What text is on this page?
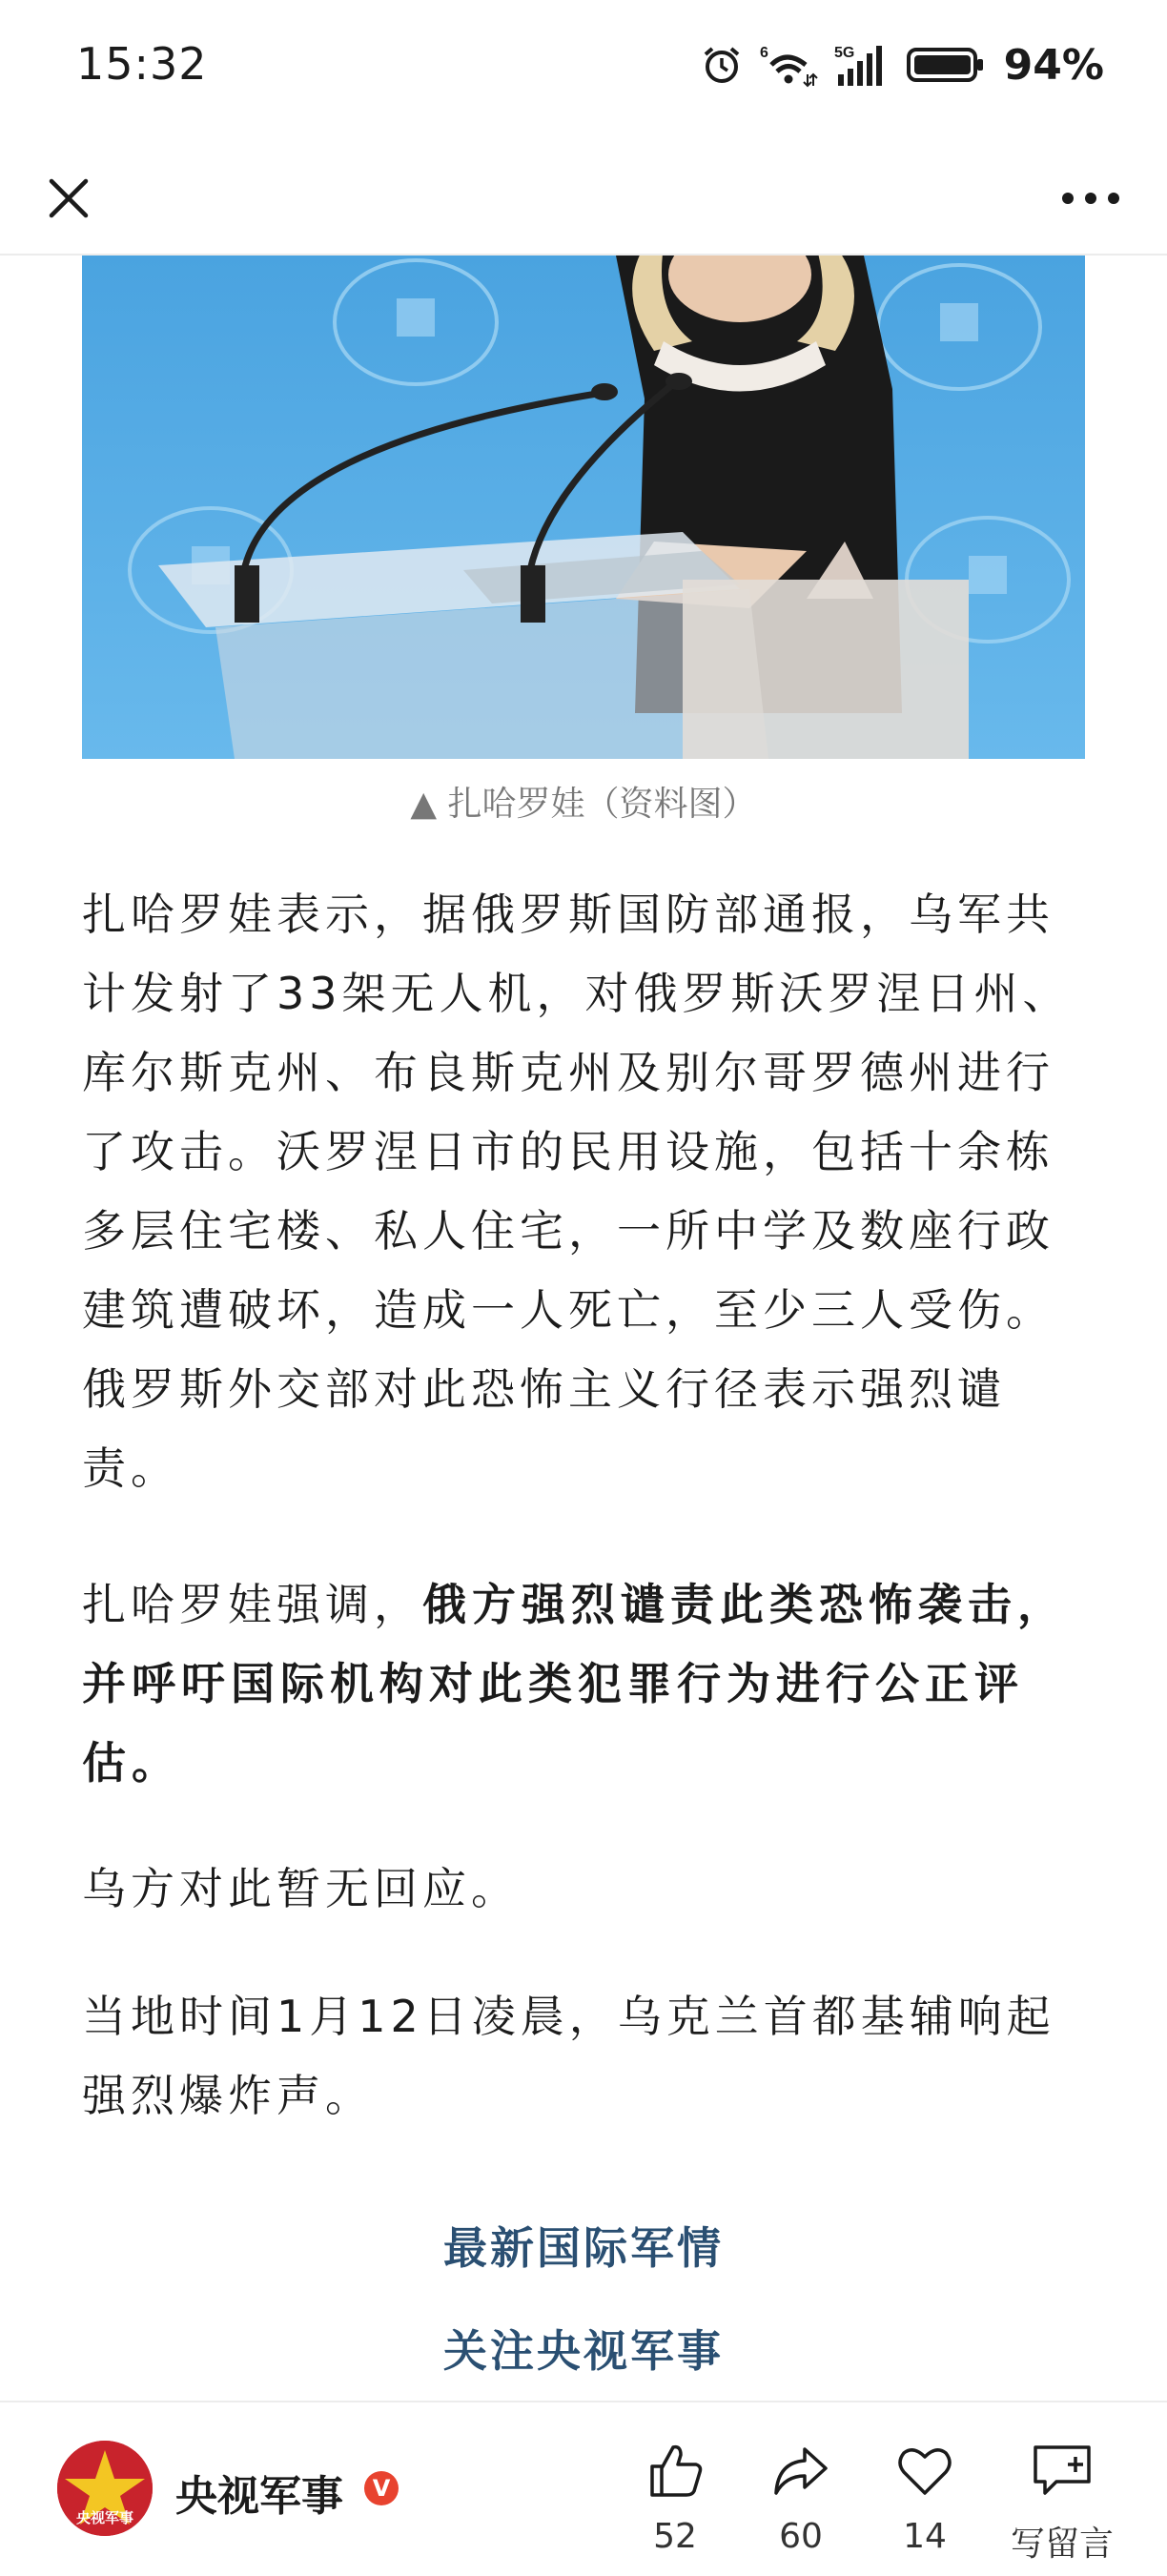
15:32	6	5G	94%
▲ 扎哈罗娃（资料图）

扎哈罗娃表示，据俄罗斯国防部通报，乌军共
计发射了33架无人机，对俄罗斯沃罗涅日州、
库尔斯克州、布良斯克州及别尔哥罗德州进行
了攻击。沃罗涅日市的民用设施，包括十余栋
多层住宅楼、私人住宅，一所中学及数座行政
建筑遭破坏，造成一人死亡，至少三人受伤。
俄罗斯外交部对此恐怖主义行径表示强烈谴
责。

扎哈罗娃强调，俄方强烈谴责此类恐怖袭击，
并呼吁国际机构对此类犯罪行为进行公正评
估。

乌方对此暂无回应。

当地时间1月12日凌晨，乌克兰首都基辅响起
强烈爆炸声。

最新国际军情
关注央视军事
央视军事 央视军事	V
52	60	14	写留言
